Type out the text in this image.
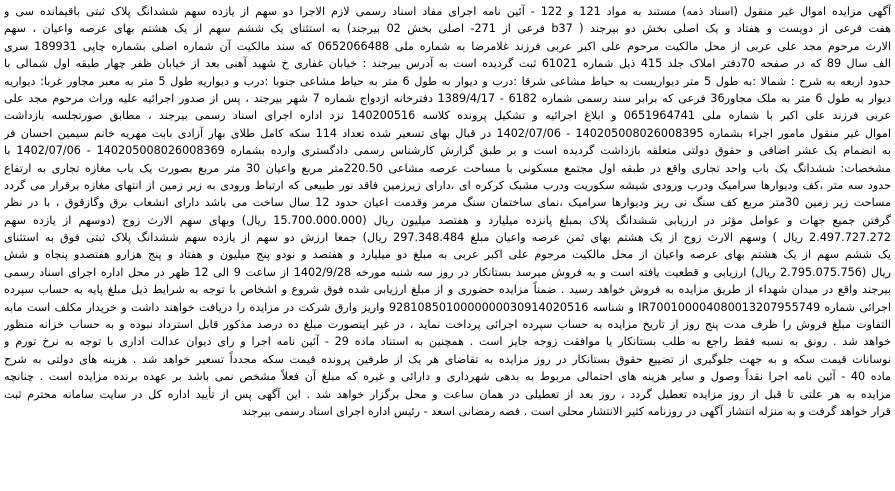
آگهی مزایده اموال غیر منقول (اسناد ذمه) مستند به مواد 121 و 122 - آئین نامه اجرای مفاد اسناد رسمی لازم الاجرا دو سهم از یازده سهم ششدانگ پلاک ثبتی باقیمانده سی و
هفت فرعی از دویست و هفتاد و یک اصلی بخش دو بیرجند ( b37 فرعی از 271- اصلی بخش 02 بیرجند) به استثنای یک ششم سهم از یک هشتم بهای عرصه واعیان ، سهم
الارث مرحوم مجد علی عربی از محل مالکیت مرحوم علی اکبر عربی فرزند غلامرضا به شماره ملی 0652066488 که سند مالکیت آن شماره اصلی بشماره چاپی 189931 سری
الف سال 89 که در صفحه 70دفتر املاک جلد 415 ذیل شماره 61021 ثبت گردیده است به آدرس بیرجند : خیابان غفاری خ شهید آهنی بعد از خیابان ظفر چهار طبقه اول شمالی با
حدود اربعه به شرح : شمالا :به طول 5 متر دیواریست به حیاط مشاعی شرقا :درب و دیوار به طول 6 متر به حیاط مشاعی جنوبا :درب و دیواریه طول 5 متر به معبر مجاور غربا: دیواریه
دیوار به طول 6 متر به ملک مجاور36 فرعی که برابر سند رسمی شماره 6182 - 1389/4/17 دفترخانه ازدواج شماره 7 شهر بیرجند ، پس از صدور اجرائیه علیه وراث مرحوم مجد علی
عربی فرزند علی اکبر با شماره ملی 0651964741 و ابلاغ اجرائیه و تشکیل پرونده کلاسه 140200516 نزد اداره اجرای اسناد رسمی بیرجند ، مطابق صورتجلسه بازداشت
اموال غیر منقول مامور اجراء بشماره 140205008026008395 - 1402/07/06 در قبال بهای تسعیر شده تعداد 114 سکه کامل طلای بهار آزادی بابت مهریه خانم سیمین احسان فر
به انضمام یک عشر اضافی و حقوق دولتی متعلقه بازداشت گردیده است و بر طبق گزارش کارشناس رسمی دادگستری وارده بشماره 140205008026008369 - 1402/07/06 با
مشخصات: ششدانگ یک باب واحد تجاری واقع در طبقه اول مجتمع مسکونی با مساحت عرصه مشاعی 220.50متر مربع واعیان 30 متر مربع بصورت یک باب مغازه تجاری به ارتفاع
حدود سه متر ،کف ودیوارها سرامیک ودرب ورودی شیشه سکوریت ودرب مشبک کرکره ای ،دارای زیرزمین فاقد نور طبیعی که ارتباط ورودی به زیر زمین از انتهای مغازه برقرار می گردد
مساحت زیر زمین 30متر مربع کف سنگ نی ریز ودیوارها سرامیک ،نمای ساختمان سنگ مرمر وقدمت اعیان حدود 12 سال ساخت می باشد دارای انشعاب برق وگازقوق ، با در نظر
گرفتن جمیع جهات و عوامل مؤثر در ارزیابی ششدانگ پلاک بمبلغ پانزده میلیارد و هفتصد میلیون ریال (15.700.000.000 ریال) وبهای سهم الارث زوج (دوسهم از یازده سهم
2.497.727.272 ریال ) وسهم الارث زوج از یک هشتم بهای ثمن عرصه واعیان مبلغ 297.348.484 ریال) جمعا ارزش دو سهم از یازده سهم ششدانگ پلاک ثبتی فوق به استثنای
یک ششم سهم از یک هشتم بهای عرصه واعیان از محل مالکیت مرحوم علی اکبر عربی به مبلغ دو میلیارد و هفتصد و نودو پنج میلیون و هفتاد و پنج هزارو هفتصدو پنجاه و شش
ریال (2.795.075.756 ریال) ارزیابی و قطعیت یافته است و به فروش میرسد بستانکار در روز سه شنبه مورخه 1402/9/28 از ساعت 9 الی 12 ظهر در محل اداره اجرای اسناد رسمی
بیرجند واقع در میدان شهداء از طریق مزایده به فروش خواهد رسید . ضمناً مزایده حضوری و از مبلغ ارزیابی شده فوق شروع و اشخاص با توجه به شرایط ذیل مبلغ پایه به حساب سپرده
اجرائی شماره IR700100004080013207955749 و شناسه 9281085010000000030914020516 واریز وارق شرکت در مزایده را دریافت خواهند داشت و خریدار مکلف است مابه
التفاوت مبلغ فروش را ظرف مدت پنج روز از تاریخ مزایده به حساب سپرده اجرائی پرداخت نماید ، در غیر اینصورت مبلغ ده درصد مذکور قابل استرداد نبوده و به حساب خزانه منظور
خواهد شد . رونق به نسبه فقط راجع به طلب بستانکار یا موافقت زوجه جایز است . همچنین به استناد ماده 29 - آئین نامه اجرا و رای دیوان عدالت اداری با توجه به نرخ تورم و
نوسانات قیمت سکه و به جهت جلوگیری از تضییع حقوق بستانکار در روز مزایده به تقاضای هر یک از طرفین پرونده قیمت سکه مجدداً تسعیر خواهد شد . هزینه های دولتی به شرح
ماده 40 - آئین نامه اجرا نقداً وصول و سایر هزینه های احتمالی مربوط به بدهی شهرداری و دارائی و غیره که مبلغ آن فعلاً مشخص نمی باشد بر عهده برنده مزایده است . چنانچه
مزایده به هر علتی تا قبل از روز مزایده تعطیل گردد ، روز بعد از تعطیلی در همان ساعت و محل برگزار خواهد شد . این آگهی پس از تأیید اداره کل در سایت سامانه محترم ثبت
قرار خواهد گرفت و به منزله انتشار آگهی در روزنامه کثیر الانتشار محلی است . فضه رمضانی اسعد - رئیس اداره اجرای اسناد رسمی بیرجند
